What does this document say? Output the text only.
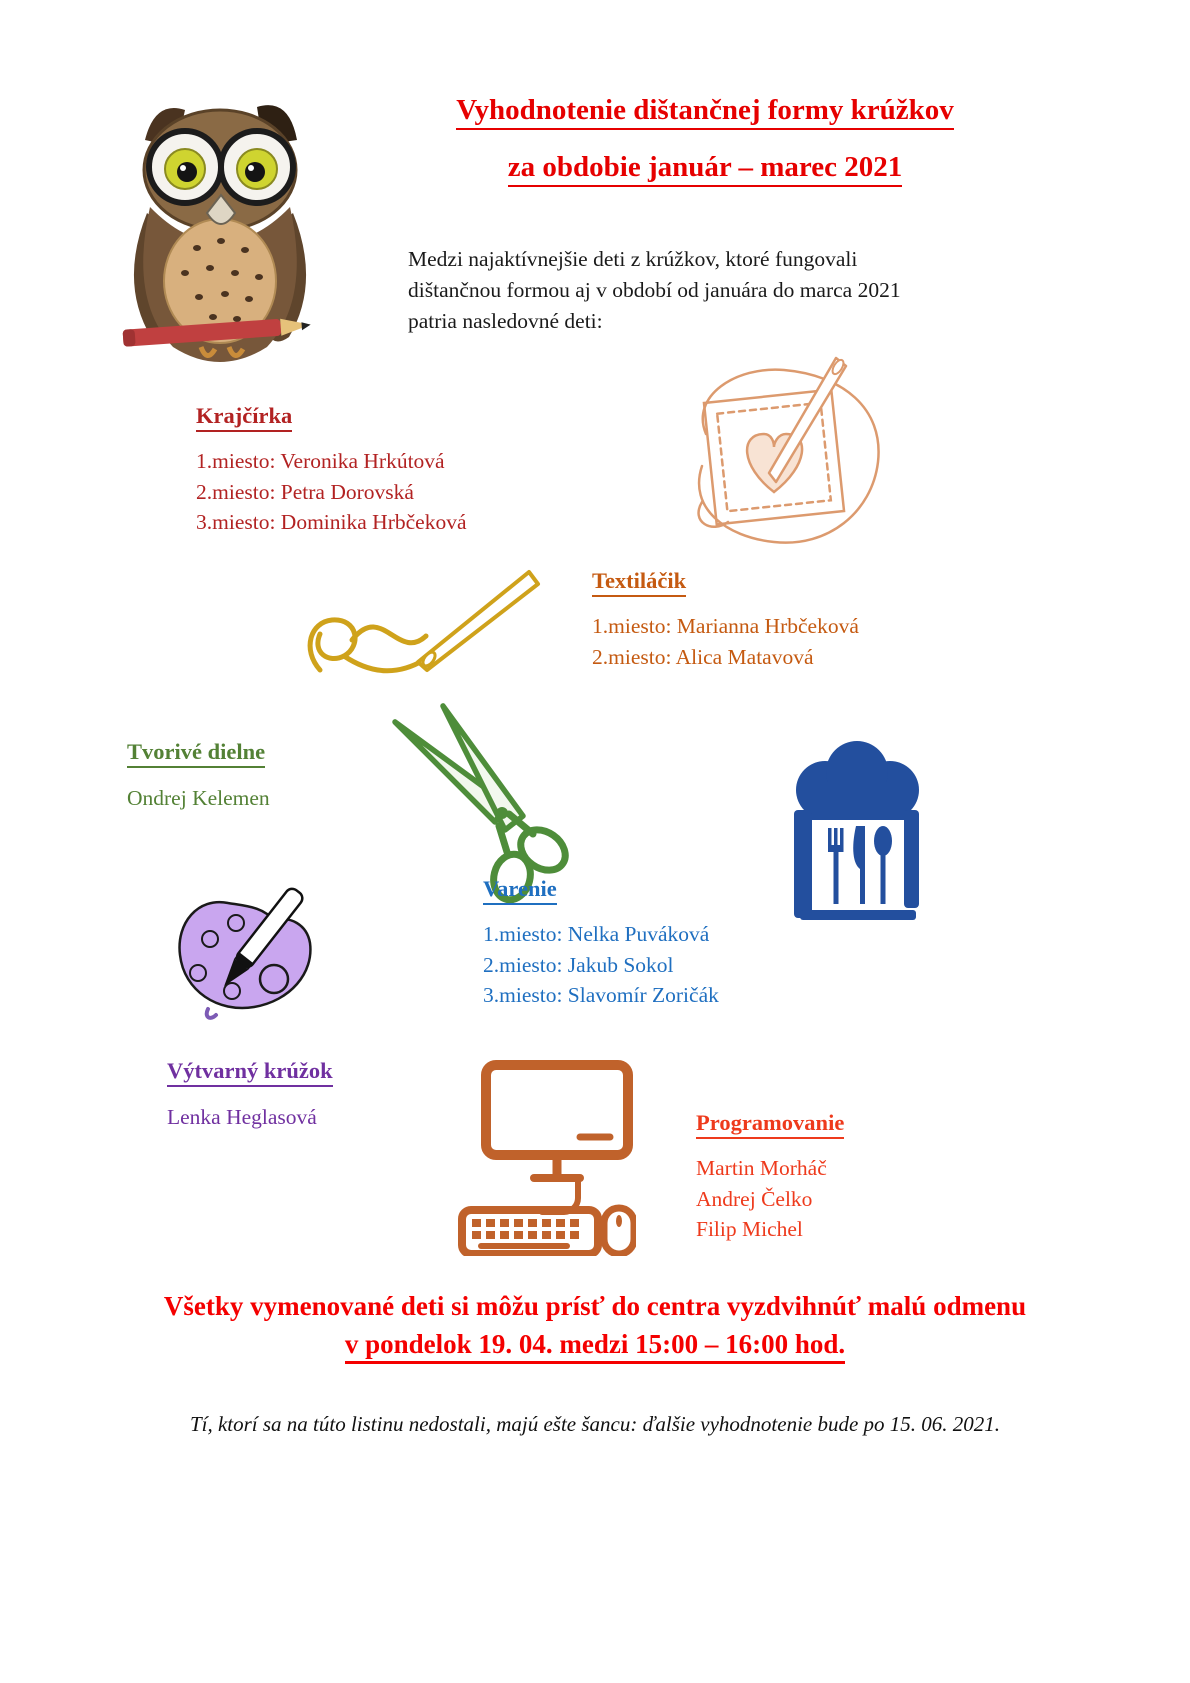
Vyhodnotenie dištančnej formy krúžkov
za obdobie január – marec 2021
Medzi najaktívnejšie deti z krúžkov, ktoré fungovali
dištančnou formou aj v období od januára do marca 2021
patria nasledovné deti:
Krajčírka
1.miesto: Veronika Hrkútová
2.miesto: Petra Dorovská
3.miesto: Dominika Hrbčeková
Textiláčik
1.miesto: Marianna Hrbčeková
2.miesto: Alica Matavová
Tvorivé dielne
Ondrej Kelemen
Varenie
1.miesto: Nelka Puváková
2.miesto: Jakub Sokol
3.miesto: Slavomír Zoričák
Výtvarný krúžok
Lenka Heglasová	Programovanie
Martin Morháč
Andrej Čelko
Filip Michel
Všetky vymenované deti si môžu prísť do centra vyzdvihnúť malú odmenu
v pondelok 19. 04. medzi 15:00 – 16:00 hod.
Tí, ktorí sa na túto listinu nedostali, majú ešte šancu: ďalšie vyhodnotenie bude po 15. 06. 2021.
